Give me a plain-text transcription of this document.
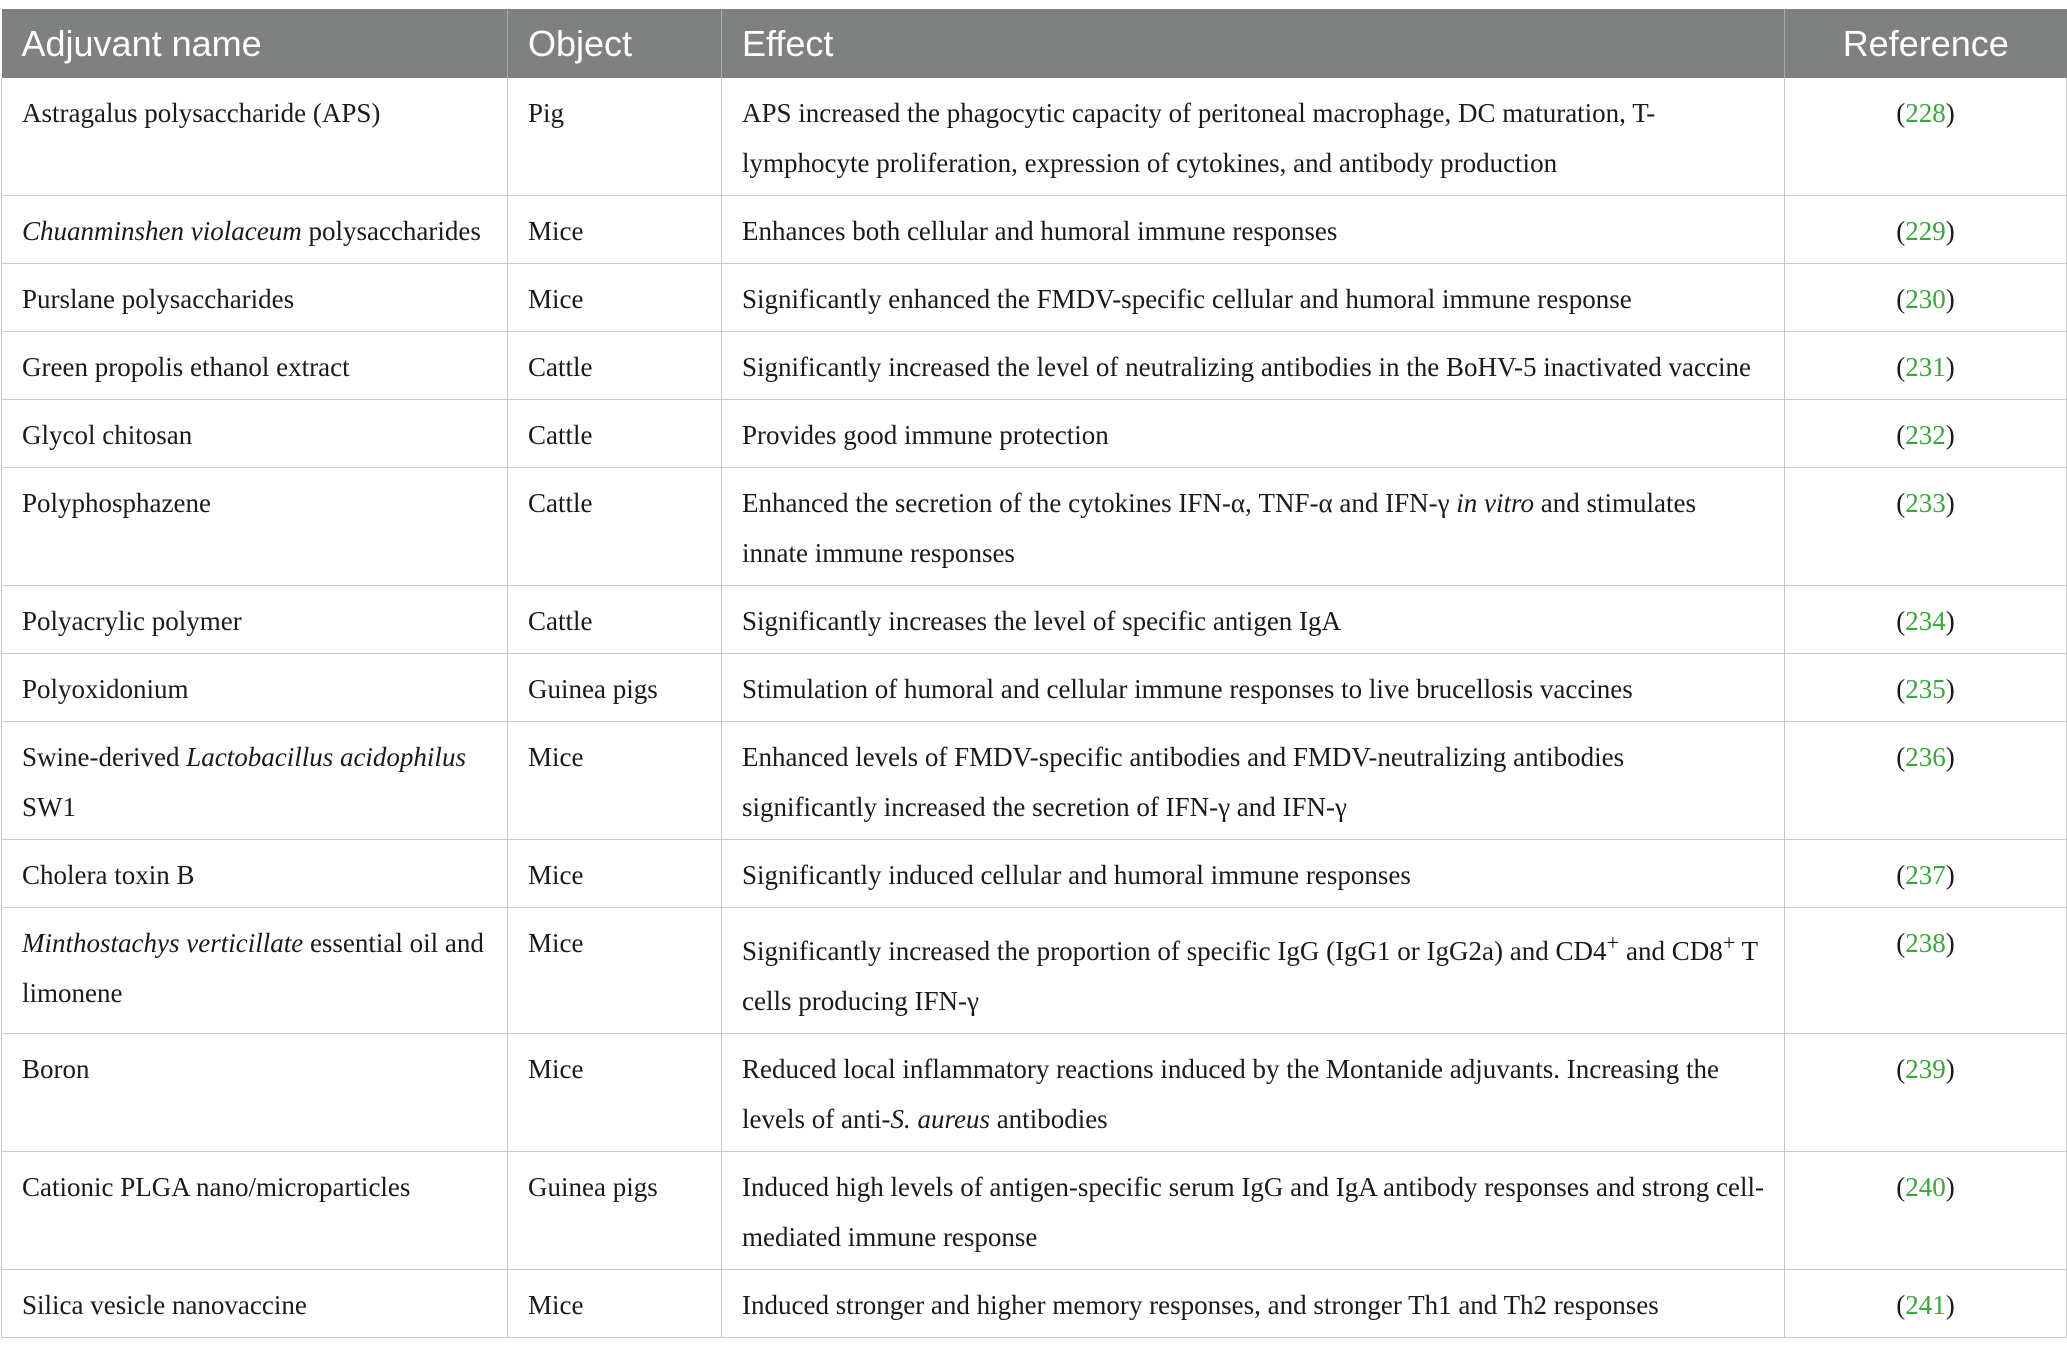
Adjuvant name	Object	Effect	Reference
Astragalus polysaccharide (APS)	Pig	APS increased the phagocytic capacity of peritoneal macrophage, DC maturation, T-lymphocyte proliferation, expression of cytokines, and antibody production	(228)
Chuanminshen violaceum polysaccharides	Mice	Enhances both cellular and humoral immune responses	(229)
Purslane polysaccharides	Mice	Significantly enhanced the FMDV-specific cellular and humoral immune response	(230)
Green propolis ethanol extract	Cattle	Significantly increased the level of neutralizing antibodies in the BoHV-5 inactivated vaccine	(231)
Glycol chitosan	Cattle	Provides good immune protection	(232)
Polyphosphazene	Cattle	Enhanced the secretion of the cytokines IFN-α, TNF-α and IFN-γ in vitro and stimulates innate immune responses	(233)
Polyacrylic polymer	Cattle	Significantly increases the level of specific antigen IgA	(234)
Polyoxidonium	Guinea pigs	Stimulation of humoral and cellular immune responses to live brucellosis vaccines	(235)
Swine-derived Lactobacillus acidophilus SW1	Mice	Enhanced levels of FMDV-specific antibodies and FMDV-neutralizing antibodies significantly increased the secretion of IFN-γ and IFN-γ	(236)
Cholera toxin B	Mice	Significantly induced cellular and humoral immune responses	(237)
Minthostachys verticillate essential oil and limonene	Mice	Significantly increased the proportion of specific IgG (IgG1 or IgG2a) and CD4+ and CD8+ T cells producing IFN-γ	(238)
Boron	Mice	Reduced local inflammatory reactions induced by the Montanide adjuvants. Increasing the levels of anti-S. aureus antibodies	(239)
Cationic PLGA nano/microparticles	Guinea pigs	Induced high levels of antigen-specific serum IgG and IgA antibody responses and strong cell-mediated immune response	(240)
Silica vesicle nanovaccine	Mice	Induced stronger and higher memory responses, and stronger Th1 and Th2 responses	(241)
